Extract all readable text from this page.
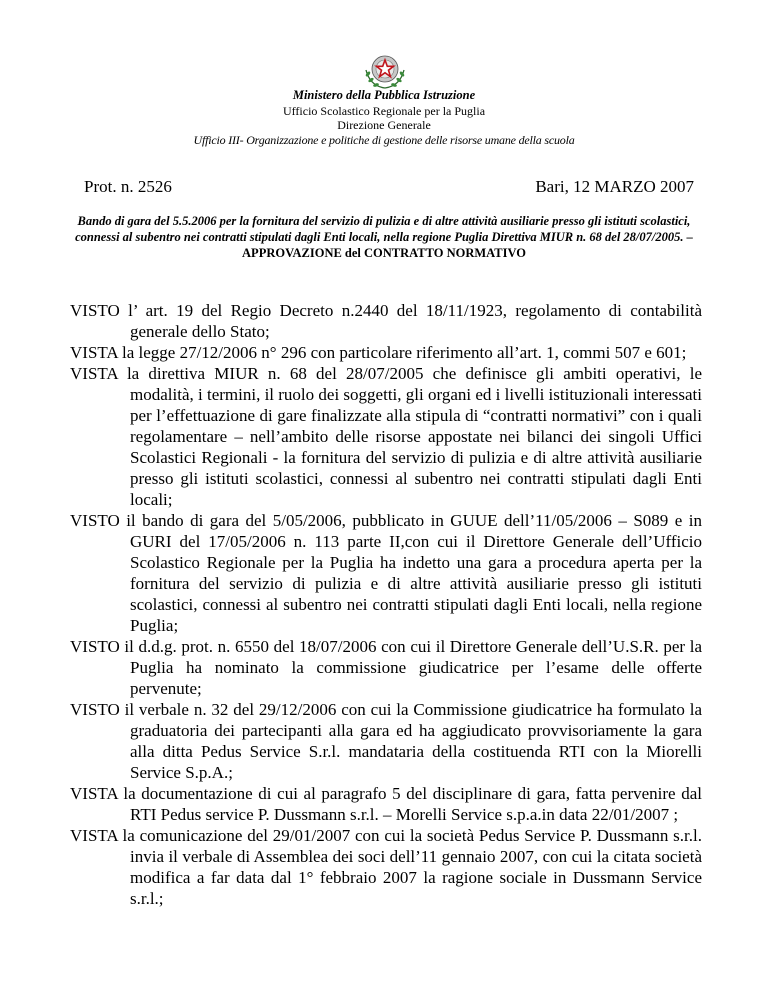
Ministero della Pubblica Istruzione
Ufficio Scolastico Regionale per la Puglia
Direzione Generale
Ufficio III- Organizzazione e politiche di gestione delle risorse umane della scuola
Prot. n. 2526	Bari, 12 MARZO 2007
Bando di gara del 5.5.2006 per la fornitura del servizio di pulizia e di altre attività ausiliarie presso gli istituti scolastici, connessi al subentro nei contratti stipulati dagli Enti locali, nella regione Puglia Direttiva MIUR n. 68 del 28/07/2005. – APPROVAZIONE del CONTRATTO NORMATIVO

VISTO l’ art. 19 del Regio Decreto n.2440 del 18/11/1923, regolamento di contabilità generale dello Stato;

VISTA la legge 27/12/2006 n° 296 con particolare riferimento all’art. 1, commi 507 e 601;

VISTA la direttiva MIUR n. 68 del 28/07/2005 che definisce gli ambiti operativi, le modalità, i termini, il ruolo dei soggetti, gli organi ed i livelli istituzionali interessati per l’effettuazione di gare finalizzate alla stipula di “contratti normativi” con i quali regolamentare – nell’ambito delle risorse appostate nei bilanci dei singoli Uffici Scolastici Regionali - la fornitura del servizio di pulizia e di altre attività ausiliarie presso gli istituti scolastici, connessi al subentro nei contratti stipulati dagli Enti locali;

VISTO il bando di gara del 5/05/2006, pubblicato in GUUE dell’11/05/2006 – S089 e in GURI del 17/05/2006 n. 113 parte II,con cui il Direttore Generale dell’Ufficio Scolastico Regionale per la Puglia ha indetto una gara a procedura aperta per la fornitura del servizio di pulizia e di altre attività ausiliarie presso gli istituti scolastici, connessi al subentro nei contratti stipulati dagli Enti locali, nella regione Puglia;

VISTO il d.d.g. prot. n. 6550 del 18/07/2006 con cui il Direttore Generale dell’U.S.R. per la Puglia ha nominato la commissione giudicatrice per l’esame delle offerte pervenute;

VISTO il verbale n. 32 del 29/12/2006 con cui la Commissione giudicatrice ha formulato la graduatoria dei partecipanti alla gara ed ha aggiudicato provvisoriamente la gara alla ditta Pedus Service S.r.l. mandataria della costituenda RTI con la Miorelli Service S.p.A.;

VISTA la documentazione di cui al paragrafo 5 del disciplinare di gara, fatta pervenire dal RTI Pedus service P. Dussmann s.r.l. – Morelli Service s.p.a.in data 22/01/2007 ;

VISTA la comunicazione del 29/01/2007 con cui la società Pedus Service P. Dussmann s.r.l. invia il verbale di Assemblea dei soci dell’11 gennaio 2007, con cui la citata società modifica a far data dal 1° febbraio 2007 la ragione sociale in Dussmann Service s.r.l.;
